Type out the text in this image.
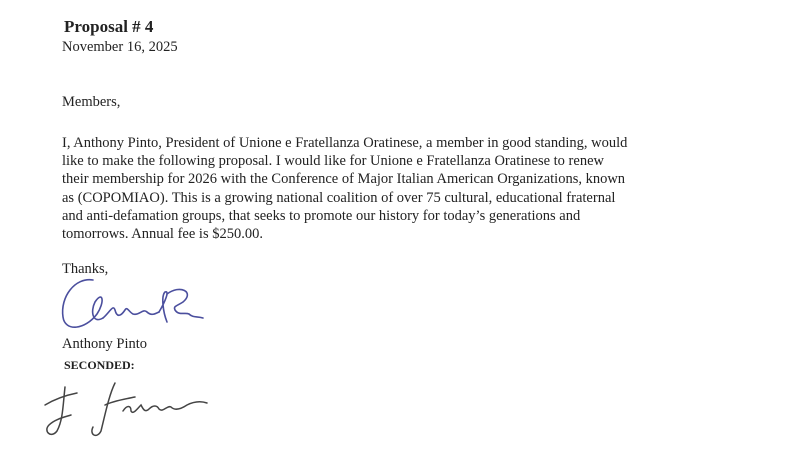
Proposal # 4
November 16, 2025
Members,
I, Anthony Pinto, President of Unione e Fratellanza Oratinese, a member in good standing, would
like to make the following proposal. I would like for Unione e Fratellanza Oratinese to renew
their membership for 2026 with the Conference of Major Italian American Organizations, known
as (COPOMIAO). This is a growing national coalition of over 75 cultural, educational fraternal
and anti-defamation groups, that seeks to promote our history for today’s generations and
tomorrows. Annual fee is $250.00.
Thanks,
Anthony Pinto
SECONDED:
